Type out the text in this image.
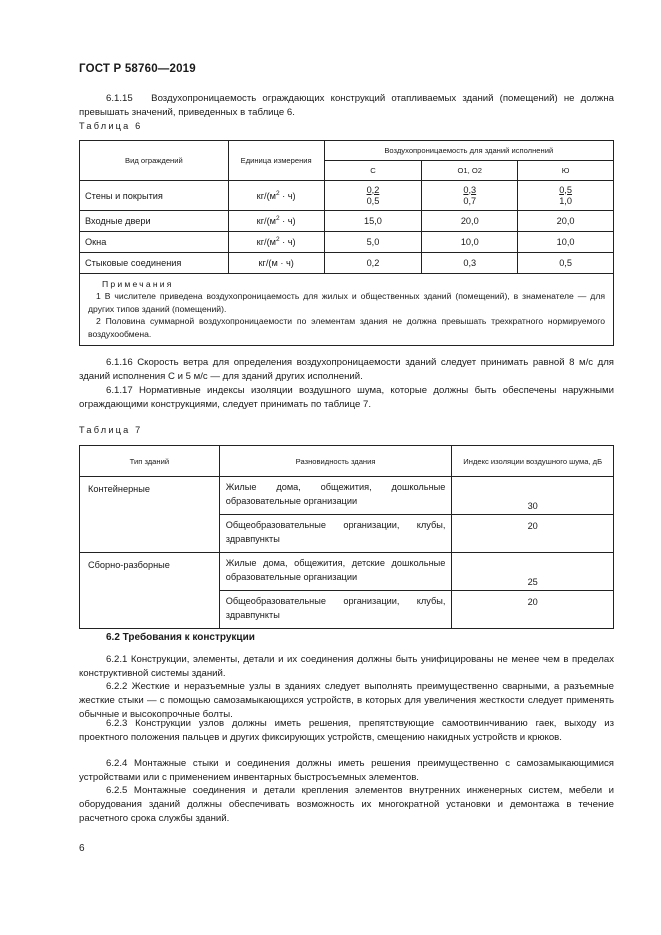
ГОСТ Р 58760—2019
6.1.15 Воздухопроницаемость ограждающих конструкций отапливаемых зданий (помещений) не должна превышать значений, приведенных в таблице 6.
Таблица 6
Вид ограждений	Единица измерения	Воздухопроницаемость для зданий исполнений		
		С	О1, О2	Ю
Стены и покрытия	$кг/(м^2 \cdot ч)$	$\frac{0,2}{0,5}$	$\frac{0,3}{0,7}$	$\frac{0,5}{1,0}$

Входные двери	$кг/(м^2 \cdot ч)$	15,0	20,0	20,0
Окна	$кг/(м^2 \cdot ч)$	5,0	10,0	10,0
Стыковые соединения	кг/(м · ч)	0,2	0,3	0,5

Примечания
1 В числителе приведена воздухопроницаемость для жилых и общественных зданий (помещений), в знаменателе — для других типов зданий (помещений).
2 Половина суммарной воздухопроницаемости по элементам здания не должна превышать трехкратного нормируемого воздухообмена.				
6.1.16 Скорость ветра для определения воздухопроницаемости зданий следует принимать равной 8 м/с для зданий исполнения С и 5 м/с — для зданий других исполнений.
6.1.17 Нормативные индексы изоляции воздушного шума, которые должны быть обеспечены наружными ограждающими конструкциями, следует принимать по таблице 7.
Таблица 7
Тип зданий	Разновидность здания	Индекс изоляции воздушного шума, дБ
Контейнерные	Жилые дома, общежития, дошкольные образовательные организации	30
	Общеобразовательные организации, клубы, здравпункты	20
Сборно-разборные	Жилые дома, общежития, детские дошкольные образовательные организации	25
	Общеобразовательные организации, клубы, здравпункты	20
6.2 Требования к конструкции
6.2.1 Конструкции, элементы, детали и их соединения должны быть унифицированы не менее чем в пределах конструктивной системы зданий.
6.2.2 Жесткие и неразъемные узлы в зданиях следует выполнять преимущественно сварными, а разъемные жесткие стыки — с помощью самозамыкающихся устройств, в которых для увеличения жесткости следует применять обычные и высокопрочные болты.
6.2.3 Конструкции узлов должны иметь решения, препятствующие самоотвинчиванию гаек, выходу из проектного положения пальцев и других фиксирующих устройств, смещению накидных устройств и крюков.
6.2.4 Монтажные стыки и соединения должны иметь решения преимущественно с самозамыкающимися устройствами или с применением инвентарных быстросъемных элементов.
6.2.5 Монтажные соединения и детали крепления элементов внутренних инженерных систем, мебели и оборудования зданий должны обеспечивать возможность их многократной установки и демонтажа в течение расчетного срока службы зданий.
6
